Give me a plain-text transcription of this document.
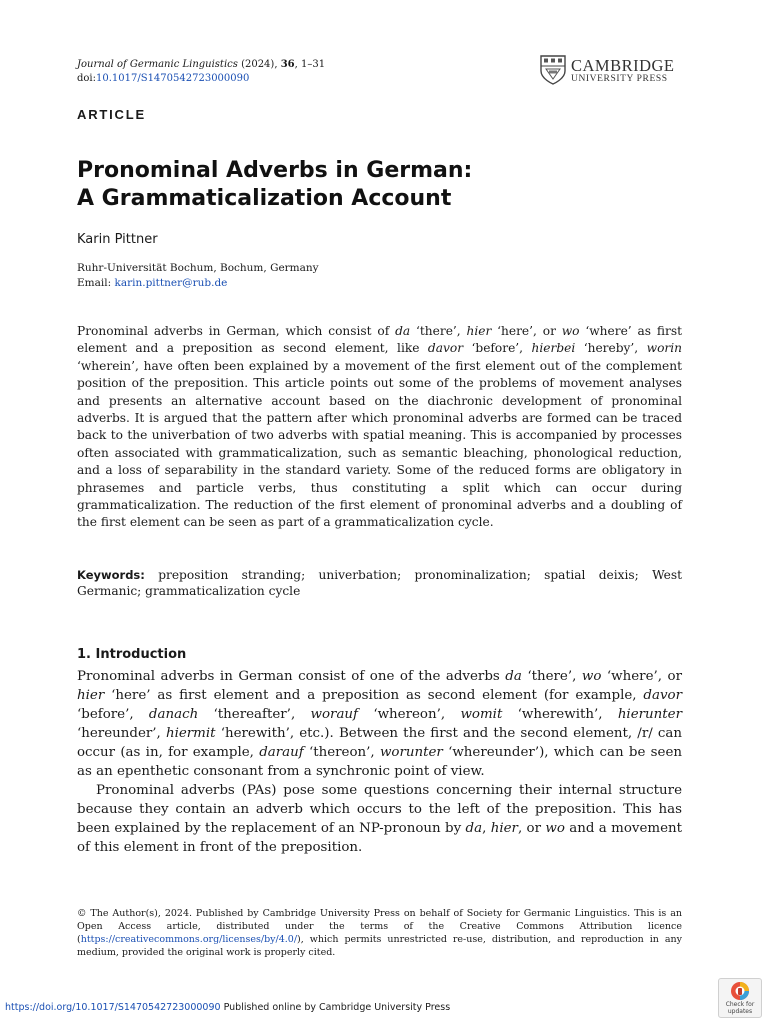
Journal of Germanic Linguistics (2024), 36, 1–31
doi:10.1017/S1470542723000090
CAMBRIDGE
UNIVERSITY PRESS
ARTICLE
Pronominal Adverbs in German:
A Grammaticalization Account
Karin Pittner
Ruhr-Universität Bochum, Bochum, Germany
Email: karin.pittner@rub.de
Pronominal adverbs in German, which consist of da ‘there’, hier ‘here’, or wo ‘where’ as first element and a preposition as second element, like davor ‘before’, hierbei ‘hereby’, worin ‘wherein’, have often been explained by a movement of the first element out of the complement position of the preposition. This article points out some of the problems of movement analyses and presents an alternative account based on the diachronic development of pronominal adverbs. It is argued that the pattern after which pronominal adverbs are formed can be traced back to the univerbation of two adverbs with spatial meaning. This is accompanied by processes often associated with grammaticalization, such as semantic bleaching, phonological reduction, and a loss of separability in the standard variety. Some of the reduced forms are obligatory in phrasemes and particle verbs, thus constituting a split which can occur during grammaticalization. The reduction of the first element of pronominal adverbs and a doubling of the first element can be seen as part of a grammaticalization cycle.
Keywords: preposition stranding; univerbation; pronominalization; spatial deixis; West Germanic; grammaticalization cycle
1. Introduction

Pronominal adverbs in German consist of one of the adverbs da ‘there’, wo ‘where’, or hier ‘here’ as first element and a preposition as second element (for example, davor ‘before’, danach ‘thereafter’, worauf ‘whereon’, womit ‘wherewith’, hierunter ‘hereunder’, hiermit ‘herewith’, etc.). Between the first and the second element, /r/ can occur (as in, for example, darauf ‘thereon’, worunter ‘whereunder’), which can be seen as an epenthetic consonant from a synchronic point of view.

Pronominal adverbs (PAs) pose some questions concerning their internal structure because they contain an adverb which occurs to the left of the preposition. This has been explained by the replacement of an NP-pronoun by da, hier, or wo and a movement of this element in front of the preposition.

© The Author(s), 2024. Published by Cambridge University Press on behalf of Society for Germanic Linguistics. This is an Open Access article, distributed under the terms of the Creative Commons Attribution licence (https://creativecommons.org/licenses/by/4.0/), which permits unrestricted re-use, distribution, and reproduction in any medium, provided the original work is properly cited.
https://doi.org/10.1017/S1470542723000090 Published online by Cambridge University Press	Check for
updates
